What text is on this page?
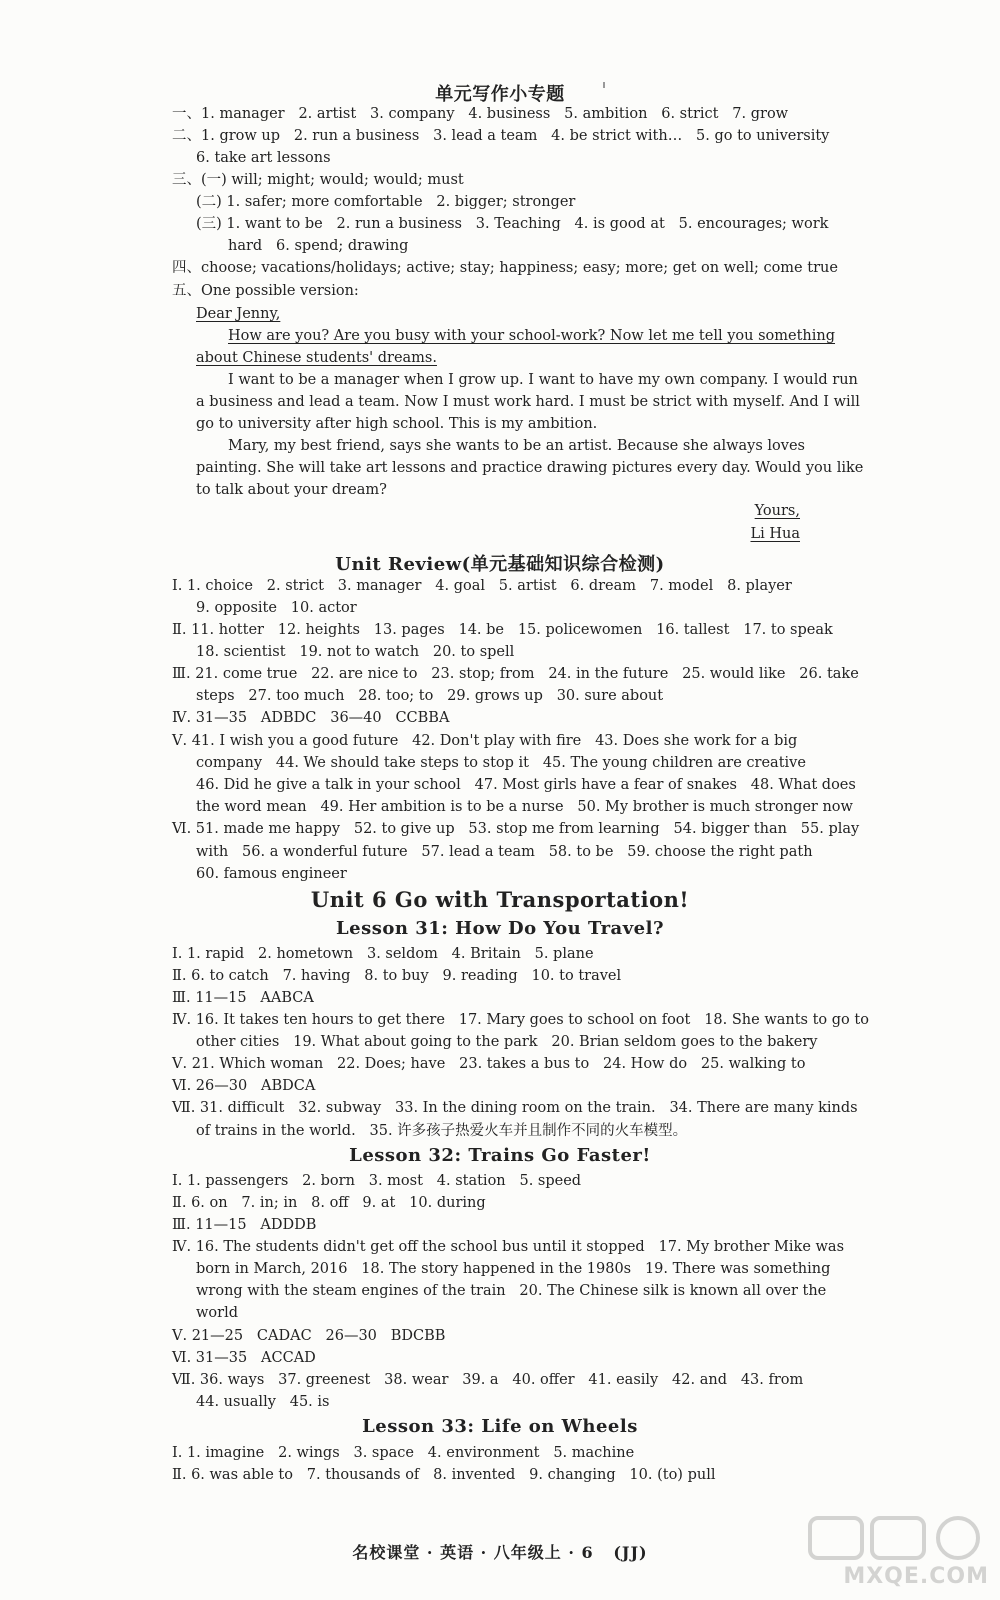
单元写作小专题
一、1. manager   2. artist   3. company   4. business   5. ambition   6. strict   7. grow
二、1. grow up   2. run a business   3. lead a team   4. be strict with…   5. go to university
6. take art lessons
三、(一) will; might; would; would; must
(二) 1. safer; more comfortable   2. bigger; stronger
(三) 1. want to be   2. run a business   3. Teaching   4. is good at   5. encourages; work
hard   6. spend; drawing
四、choose; vacations/holidays; active; stay; happiness; easy; more; get on well; come true
五、One possible version:
Dear Jenny,
How are you? Are you busy with your school-work? Now let me tell you something
about Chinese students' dreams.
I want to be a manager when I grow up. I want to have my own company. I would run
a business and lead a team. Now I must work hard. I must be strict with myself. And I will
go to university after high school. This is my ambition.
Mary, my best friend, says she wants to be an artist. Because she always loves
painting. She will take art lessons and practice drawing pictures every day. Would you like
to talk about your dream?
Yours,
Li Hua
Unit Review(单元基础知识综合检测)
Ⅰ. 1. choice   2. strict   3. manager   4. goal   5. artist   6. dream   7. model   8. player
9. opposite   10. actor
Ⅱ. 11. hotter   12. heights   13. pages   14. be   15. policewomen   16. tallest   17. to speak
18. scientist   19. not to watch   20. to spell
Ⅲ. 21. come true   22. are nice to   23. stop; from   24. in the future   25. would like   26. take
steps   27. too much   28. too; to   29. grows up   30. sure about
Ⅳ. 31—35   ADBDC   36—40   CCBBA
Ⅴ. 41. I wish you a good future   42. Don't play with fire   43. Does she work for a big
company   44. We should take steps to stop it   45. The young children are creative
46. Did he give a talk in your school   47. Most girls have a fear of snakes   48. What does
the word mean   49. Her ambition is to be a nurse   50. My brother is much stronger now
Ⅵ. 51. made me happy   52. to give up   53. stop me from learning   54. bigger than   55. play
with   56. a wonderful future   57. lead a team   58. to be   59. choose the right path
60. famous engineer
Unit 6 Go with Transportation!
Lesson 31: How Do You Travel?
Ⅰ. 1. rapid   2. hometown   3. seldom   4. Britain   5. plane
Ⅱ. 6. to catch   7. having   8. to buy   9. reading   10. to travel
Ⅲ. 11—15   AABCA
Ⅳ. 16. It takes ten hours to get there   17. Mary goes to school on foot   18. She wants to go to
other cities   19. What about going to the park   20. Brian seldom goes to the bakery
Ⅴ. 21. Which woman   22. Does; have   23. takes a bus to   24. How do   25. walking to
Ⅵ. 26—30   ABDCA
Ⅶ. 31. difficult   32. subway   33. In the dining room on the train.   34. There are many kinds
of trains in the world.   35. 许多孩子热爱火车并且制作不同的火车模型。
Lesson 32: Trains Go Faster!
Ⅰ. 1. passengers   2. born   3. most   4. station   5. speed
Ⅱ. 6. on   7. in; in   8. off   9. at   10. during
Ⅲ. 11—15   ADDDB
Ⅳ. 16. The students didn't get off the school bus until it stopped   17. My brother Mike was
born in March, 2016   18. The story happened in the 1980s   19. There was something
wrong with the steam engines of the train   20. The Chinese silk is known all over the
world
Ⅴ. 21—25   CADAC   26—30   BDCBB
Ⅵ. 31—35   ACCAD
Ⅶ. 36. ways   37. greenest   38. wear   39. a   40. offer   41. easily   42. and   43. from
44. usually   45. is
Lesson 33: Life on Wheels
Ⅰ. 1. imagine   2. wings   3. space   4. environment   5. machine
Ⅱ. 6. was able to   7. thousands of   8. invented   9. changing   10. (to) pull
名校课堂 · 英语 · 八年级上 · 6   (JJ)
MXQE.COM
